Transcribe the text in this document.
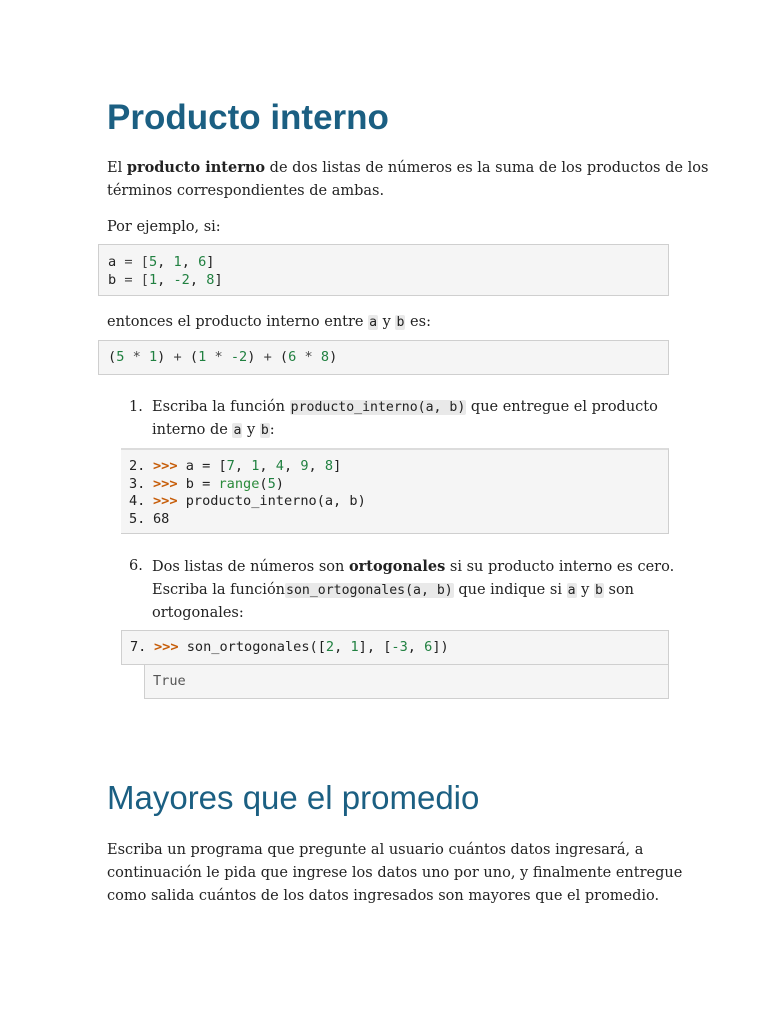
Producto interno

El producto interno de dos listas de números es la suma de los productos de los
términos correspondientes de ambas.

Por ejemplo, si:

a = [5, 1, 6]
b = [1, -2, 8]

entonces el producto interno entre a y b es:

(5 * 1) + (1 * -2) + (6 * 8)
1. Escriba la función producto_interno(a, b) que entregue el producto
interno de a y b:

2. >>> a = [7, 1, 4, 9, 8]
3. >>> b = range(5)
4. >>> producto_interno(a, b)
5. 68
6. Dos listas de números son ortogonales si su producto interno es cero.
Escriba la funciónson_ortogonales(a, b) que indique si a y b son
ortogonales:

7. >>> son_ortogonales([2, 1], [-3, 6])
True
Mayores que el promedio

Escriba un programa que pregunte al usuario cuántos datos ingresará, a
continuación le pida que ingrese los datos uno por uno, y finalmente entregue
como salida cuántos de los datos ingresados son mayores que el promedio.
